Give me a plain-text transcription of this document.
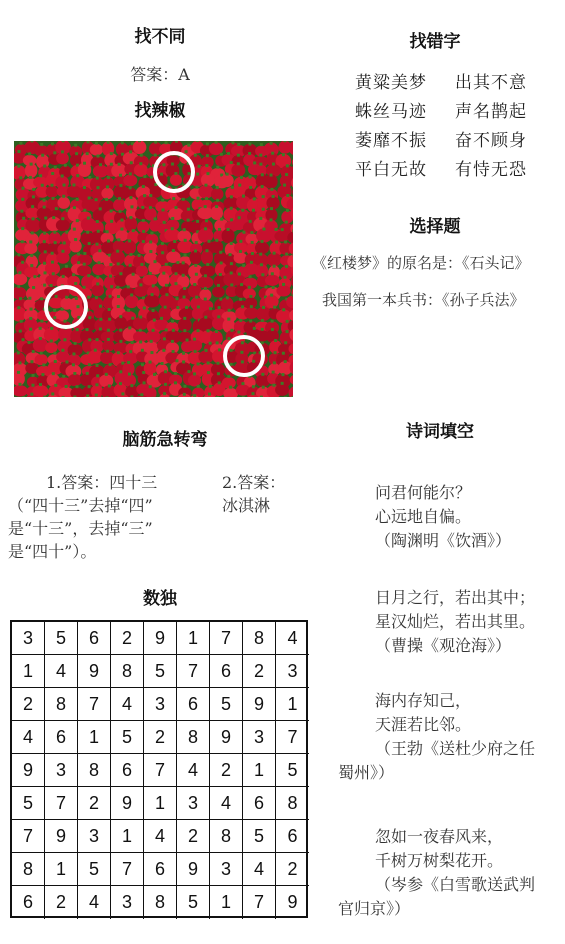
找不同
答案：A
找辣椒
脑筋急转弯
1.答案：四十三
（“四十三”去掉“四”
是“十三”，去掉“三”
是“四十”）。
2.答案：
冰淇淋
数独
3	5	6	2	9	1	7	8	4
1	4	9	8	5	7	6	2	3
2	8	7	4	3	6	5	9	1
4	6	1	5	2	8	9	3	7
9	3	8	6	7	4	2	1	5
5	7	2	9	1	3	4	6	8
7	9	3	1	4	2	8	5	6
8	1	5	7	6	9	3	4	2
6	2	4	3	8	5	1	7	9
找错字
黄粱美梦	出其不意
蛛丝马迹	声名鹊起
萎靡不振	奋不顾身
平白无故	有恃无恐
选择题
《红楼梦》的原名是：《石头记》
我国第一本兵书：《孙子兵法》
诗词填空
问君何能尔？
心远地自偏。
（陶渊明《饮酒》）
日月之行，若出其中；
星汉灿烂，若出其里。
（曹操《观沧海》）
海内存知己，
天涯若比邻。
（王勃《送杜少府之任
蜀州》）
忽如一夜春风来，
千树万树梨花开。
（岑参《白雪歌送武判
官归京》）
